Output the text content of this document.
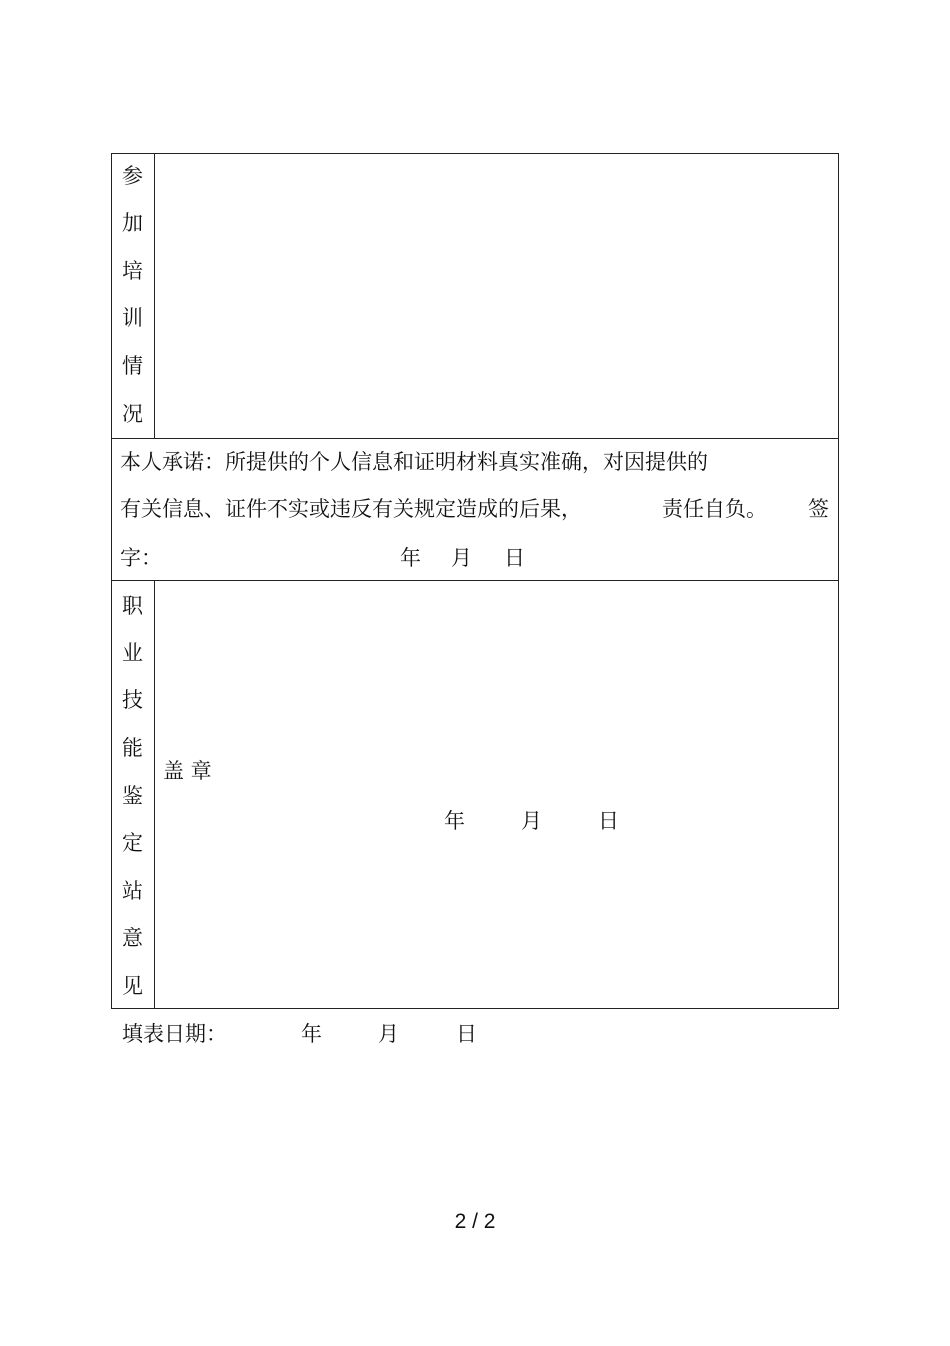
参
加
培
训
情
况
本人承诺：所提供的个人信息和证明材料真实准确，对因提供的
有关信息、证件不实或违反有关规定造成的后果，	责任自负。 签
字：	年 月 日
职
业
技
能
鉴
定
站
意
见
盖 章
年	月	日
填表日期：	年	月	日
2 / 2
